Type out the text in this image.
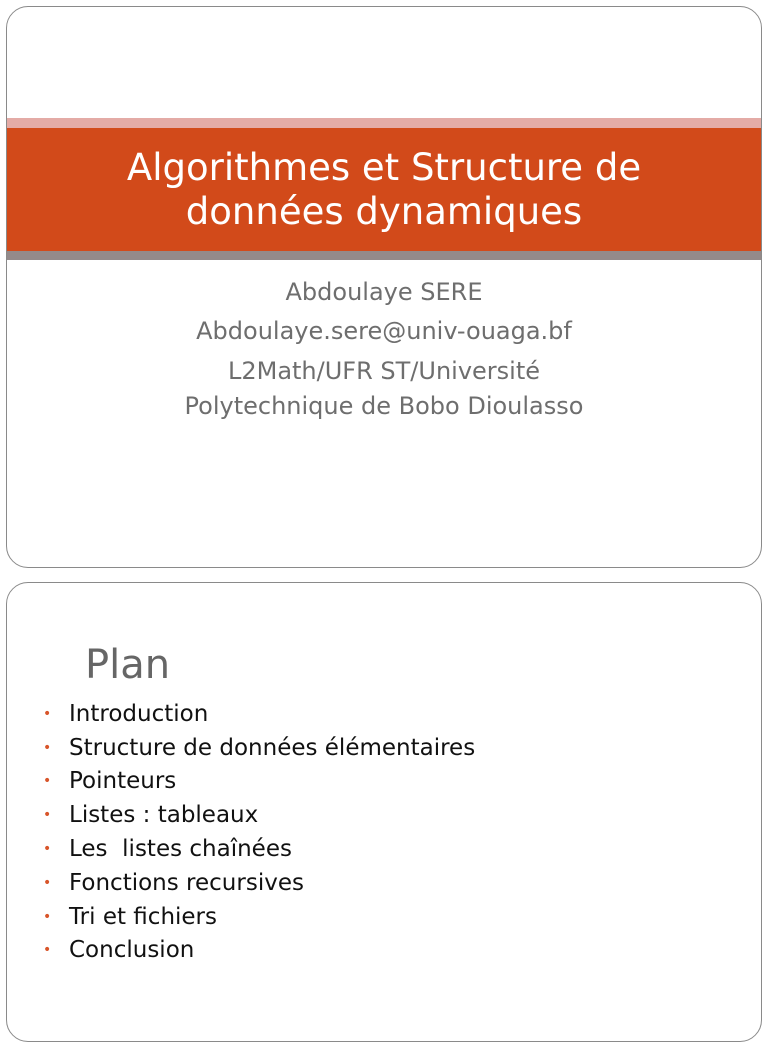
Algorithmes et Structure de
données dynamiques
Abdoulaye SERE
Abdoulaye.sere@univ-ouaga.bf
L2Math/UFR ST/Université
Polytechnique de Bobo Dioulasso
Plan
• Introduction
• Structure de données élémentaires
• Pointeurs
• Listes : tableaux
• Les  listes chaînées
• Fonctions recursives
• Tri et fichiers
• Conclusion
